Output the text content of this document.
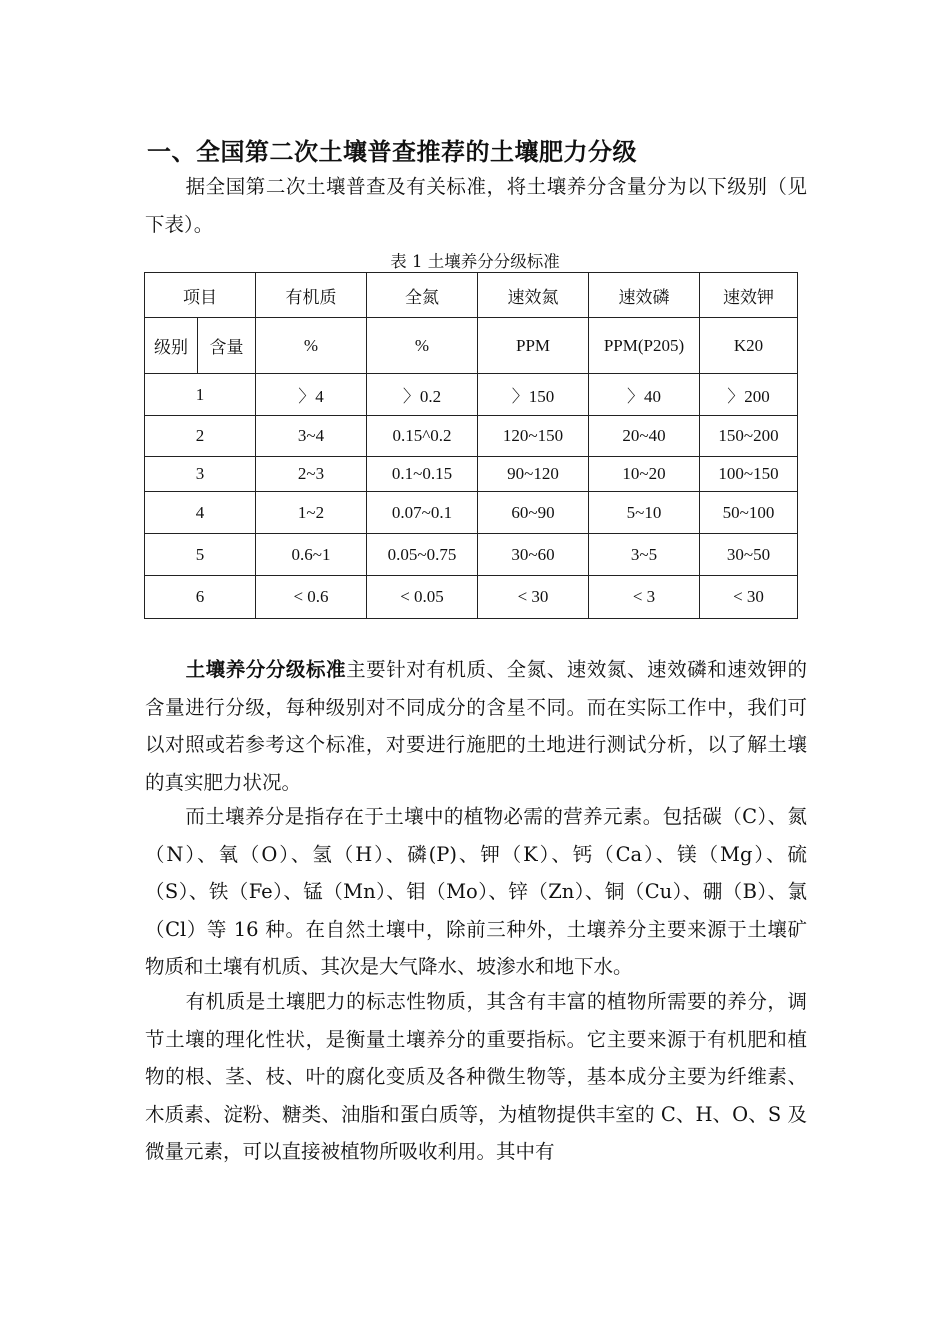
一、全国第二次土壤普查推荐的土壤肥力分级

据全国第二次土壤普查及有关标准，将土壤养分含量分为以下级别（见下表）。

表 1 土壤养分分级标准
项目		有机质	全氮	速效氮	速效磷	速效钾
级别	含量	%	%	PPM	PPM(P205)	K20
1		〉4	〉0.2	〉150	〉40	〉200
2		3~4	0.15^0.2	120~150	20~40	150~200
3		2~3	0.1~0.15	90~120	10~20	100~150
4		1~2	0.07~0.1	60~90	5~10	50~100
5		0.6~1	0.05~0.75	30~60	3~5	30~50
6		< 0.6	< 0.05	< 30	< 3	< 30

土壤养分分级标准主要针对有机质、全氮、速效氮、速效磷和速效钾的含量进行分级，每种级别对不同成分的含星不同。而在实际工作中，我们可以对照或若参考这个标准，对要进行施肥的土地进行测试分析，以了解土壤的真实肥力状况。

而土壤养分是指存在于土壤中的植物必需的营养元素。包括碳（C）、氮（N）、氧（O）、氢（H）、磷(P)、钾（K）、钙（Ca）、镁（Mg）、硫（S）、铁（Fe）、锰（Mn）、钼（Mo）、锌（Zn）、铜（Cu）、硼（B）、氯（Cl）等 16 种。在自然土壤中，除前三种外，土壤养分主要来源于土壤矿物质和土壤有机质、其次是大气降水、坡渗水和地下水。

有机质是土壤肥力的标志性物质，其含有丰富的植物所需要的养分，调节土壤的理化性状，是衡量土壤养分的重要指标。它主要来源于有机肥和植物的根、茎、枝、叶的腐化变质及各种微生物等，基本成分主要为纤维素、木质素、淀粉、糖类、油脂和蛋白质等，为植物提供丰室的 C、H、O、S 及微量元素，可以直接被植物所吸收利用。其中有
